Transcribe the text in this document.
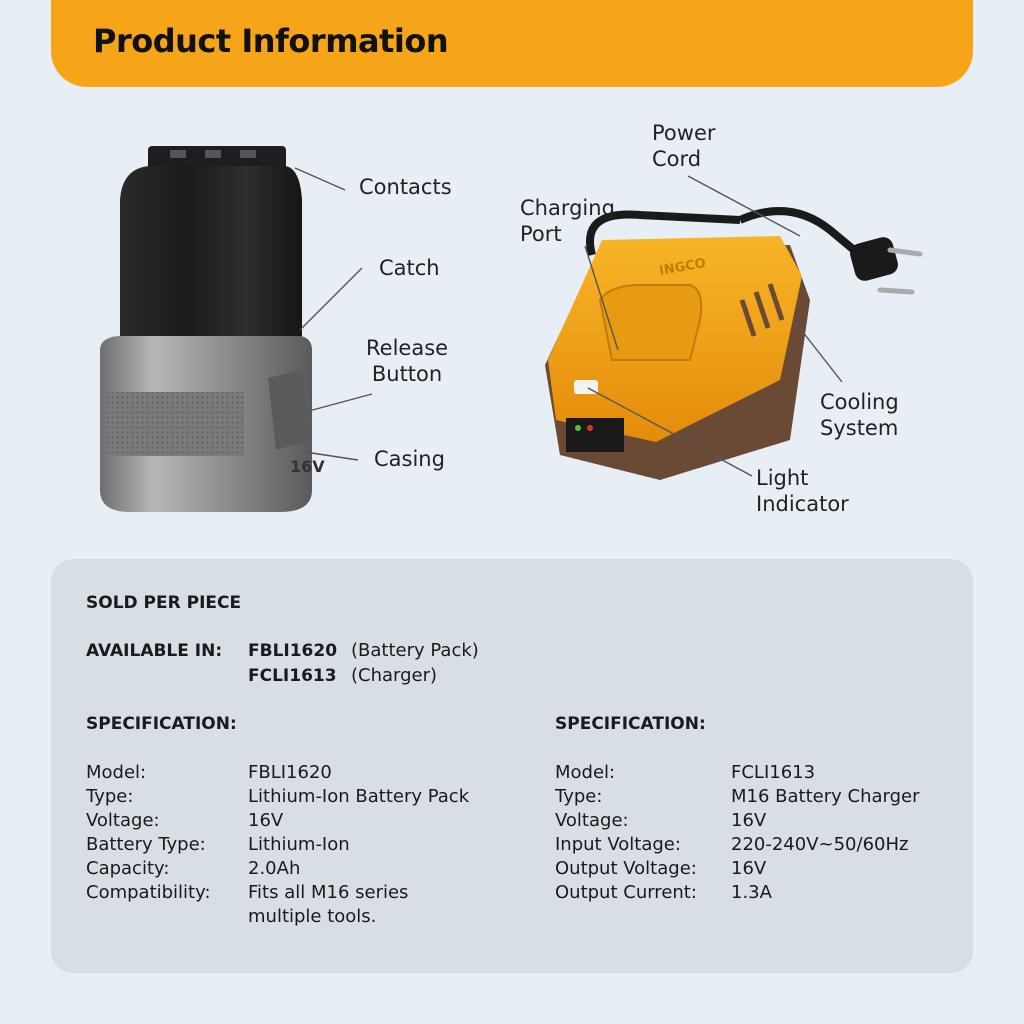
Product Information
16V
INGCO
Contacts
Catch
Release
Button
Casing
Power
Cord
Charging
Port
Cooling
System
Light
Indicator
SOLD PER PIECE
AVAILABLE IN: FBLI1620 (Battery Pack)
FCLI1613 (Charger)
SPECIFICATION:	SPECIFICATION:
Model:	FBLI1620
Type:	Lithium-Ion Battery Pack
Voltage:	16V
Battery Type: Lithium-Ion
Capacity:	2.0Ah
Compatibility: Fits all M16 series
multiple tools.
Model:	FCLI1613
Type:	M16 Battery Charger
Voltage:	16V
Input Voltage:	220-240V~50/60Hz
Output Voltage: 16V
Output Current: 1.3A
